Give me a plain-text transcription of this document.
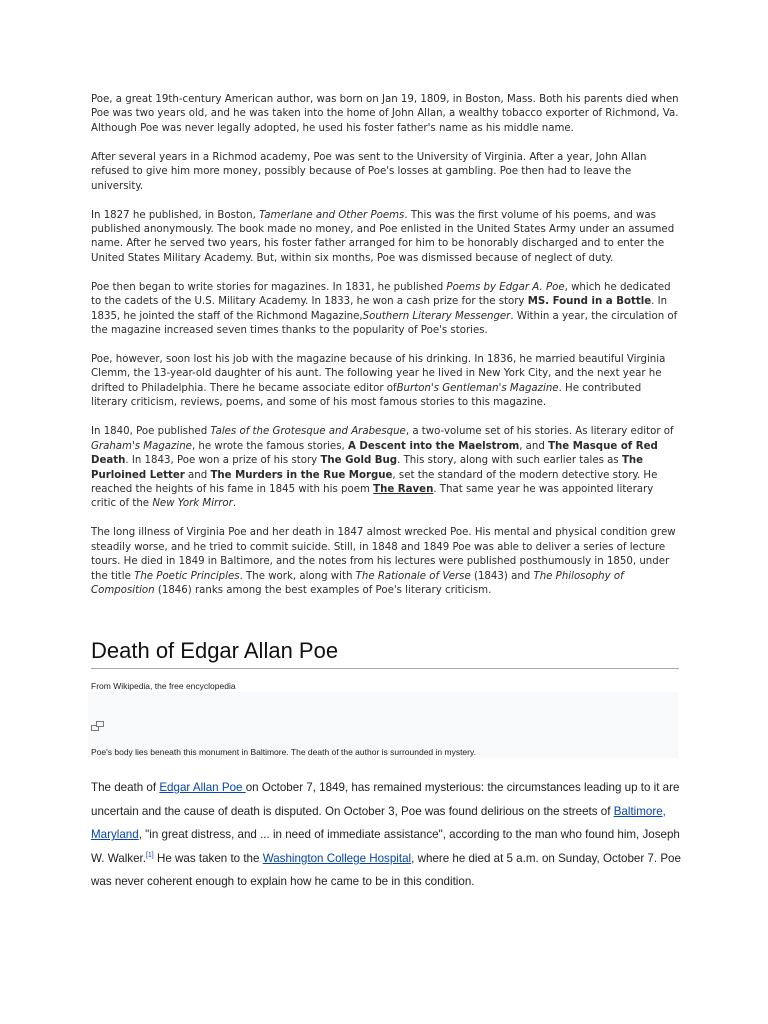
Poe, a great 19th-century American author, was born on Jan 19, 1809, in Boston, Mass. Both his parents died when Poe was two years old, and he was taken into the home of John Allan, a wealthy tobacco exporter of Richmond, Va. Although Poe was never legally adopted, he used his foster father's name as his middle name.

After several years in a Richmod academy, Poe was sent to the University of Virginia. After a year, John Allan refused to give him more money, possibly because of Poe's losses at gambling. Poe then had to leave the university.

In 1827 he published, in Boston, Tamerlane and Other Poems. This was the first volume of his poems, and was published anonymously. The book made no money, and Poe enlisted in the United States Army under an assumed name. After he served two years, his foster father arranged for him to be honorably discharged and to enter the United States Military Academy. But, within six months, Poe was dismissed because of neglect of duty.

Poe then began to write stories for magazines. In 1831, he published Poems by Edgar A. Poe, which he dedicated to the cadets of the U.S. Military Academy. In 1833, he won a cash prize for the story MS. Found in a Bottle. In 1835, he jointed the staff of the Richmond Magazine,Southern Literary Messenger. Within a year, the circulation of the magazine increased seven times thanks to the popularity of Poe's stories.

Poe, however, soon lost his job with the magazine because of his drinking. In 1836, he married beautiful Virginia Clemm, the 13-year-old daughter of his aunt. The following year he lived in New York City, and the next year he drifted to Philadelphia. There he became associate editor ofBurton's Gentleman's Magazine. He contributed literary criticism, reviews, poems, and some of his most famous stories to this magazine.

In 1840, Poe published Tales of the Grotesque and Arabesque, a two-volume set of his stories. As literary editor of Graham's Magazine, he wrote the famous stories, A Descent into the Maelstrom, and The Masque of Red Death. In 1843, Poe won a prize of his story The Gold Bug. This story, along with such earlier tales as The Purloined Letter and The Murders in the Rue Morgue, set the standard of the modern detective story. He reached the heights of his fame in 1845 with his poem The Raven. That same year he was appointed literary critic of the New York Mirror.

The long illness of Virginia Poe and her death in 1847 almost wrecked Poe. His mental and physical condition grew steadily worse, and he tried to commit suicide. Still, in 1848 and 1849 Poe was able to deliver a series of lecture tours. He died in 1849 in Baltimore, and the notes from his lectures were published posthumously in 1850, under the title The Poetic Principles. The work, along with The Rationale of Verse (1843) and The Philosophy of Composition (1846) ranks among the best examples of Poe's literary criticism.

Death of Edgar Allan Poe
From Wikipedia, the free encyclopedia
Poe's body lies beneath this monument in Baltimore. The death of the author is surrounded in mystery.
The death of Edgar Allan Poe on October 7, 1849, has remained mysterious: the circumstances leading up to it are uncertain and the cause of death is disputed. On October 3, Poe was found delirious on the streets of Baltimore, Maryland, "in great distress, and ... in need of immediate assistance", according to the man who found him, Joseph W. Walker.[1] He was taken to the Washington College Hospital, where he died at 5 a.m. on Sunday, October 7. Poe was never coherent enough to explain how he came to be in this condition.
